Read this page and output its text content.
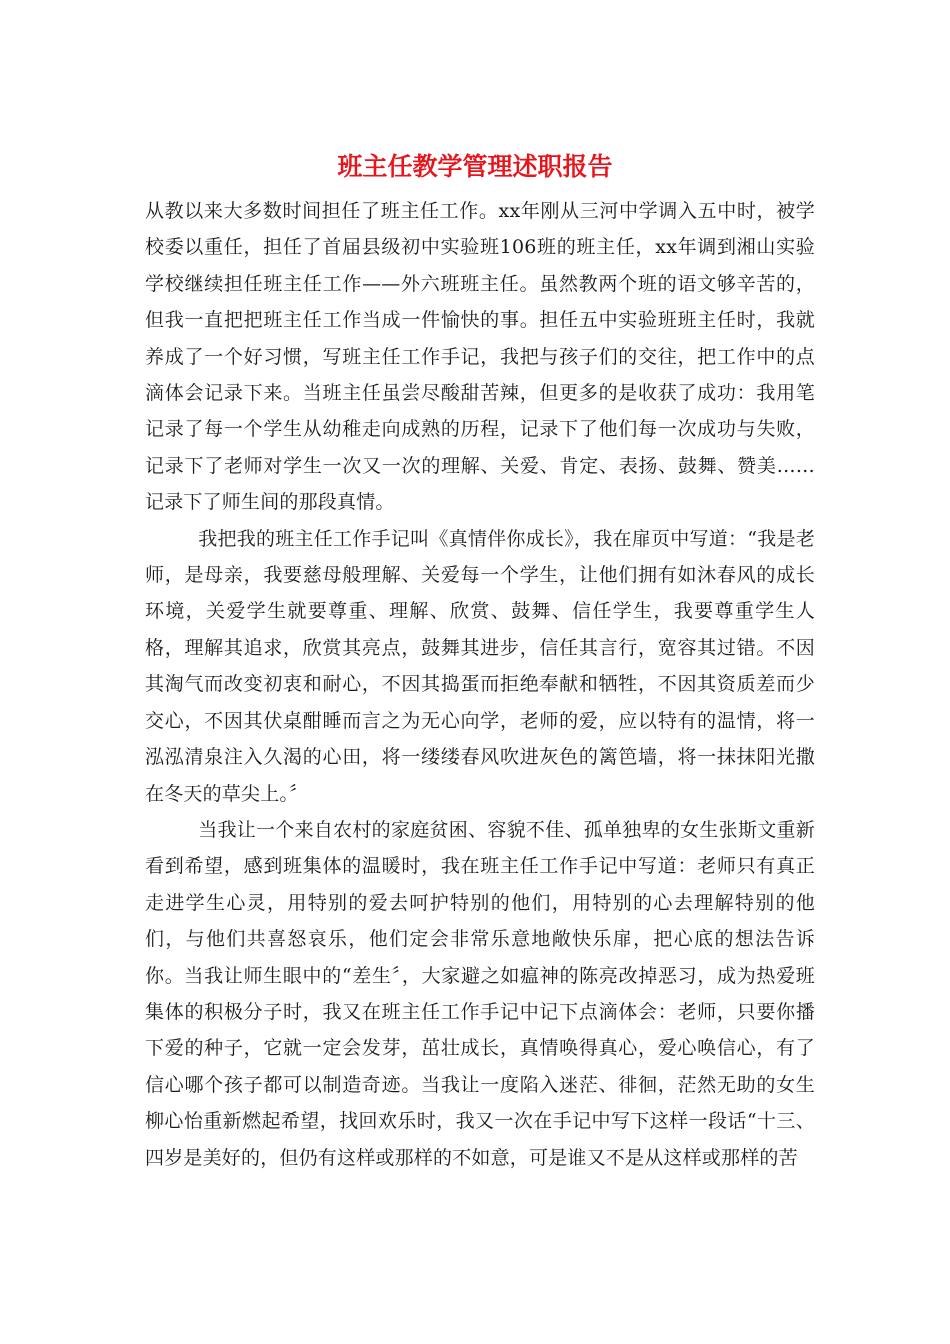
班主任教学管理述职报告

从教以来大多数时间担任了班主任工作。xx年刚从三河中学调入五中时，被学校委以重任，担任了首届县级初中实验班106班的班主任，xx年调到湘山实验学校继续担任班主任工作——外六班班主任。虽然教两个班的语文够辛苦的，但我一直把把班主任工作当成一件愉快的事。担任五中实验班班主任时，我就养成了一个好习惯，写班主任工作手记，我把与孩子们的交往，把工作中的点滴体会记录下来。当班主任虽尝尽酸甜苦辣，但更多的是收获了成功：我用笔记录了每一个学生从幼稚走向成熟的历程，记录下了他们每一次成功与失败，记录下了老师对学生一次又一次的理解、关爱、肯定、表扬、鼓舞、赞美……记录下了师生间的那段真情。

我把我的班主任工作手记叫《真情伴你成长》，我在扉页中写道：“我是老师，是母亲，我要慈母般理解、关爱每一个学生，让他们拥有如沐春风的成长环境，关爱学生就要尊重、理解、欣赏、鼓舞、信任学生，我要尊重学生人格，理解其追求，欣赏其亮点，鼓舞其进步，信任其言行，宽容其过错。不因其淘气而改变初衷和耐心，不因其捣蛋而拒绝奉献和牺牲，不因其资质差而少交心，不因其伏桌酣睡而言之为无心向学，老师的爱，应以特有的温情，将一泓泓清泉注入久渴的心田，将一缕缕春风吹进灰色的篱笆墙，将一抹抹阳光撒在冬天的草尖上。〞

当我让一个来自农村的家庭贫困、容貌不佳、孤单独卑的女生张斯文重新看到希望，感到班集体的温暖时，我在班主任工作手记中写道：老师只有真正走进学生心灵，用特别的爱去呵护特别的他们，用特别的心去理解特别的他们，与他们共喜怒哀乐，他们定会非常乐意地敞快乐扉，把心底的想法告诉你。当我让师生眼中的“差生〞，大家避之如瘟神的陈亮改掉恶习，成为热爱班集体的积极分子时，我又在班主任工作手记中记下点滴体会：老师，只要你播下爱的种子，它就一定会发芽，茁壮成长，真情唤得真心，爱心唤信心，有了信心哪个孩子都可以制造奇迹。当我让一度陷入迷茫、徘徊，茫然无助的女生柳心怡重新燃起希望，找回欢乐时，我又一次在手记中写下这样一段话“十三、四岁是美好的，但仍有这样或那样的不如意，可是谁又不是从这样或那样的苦
